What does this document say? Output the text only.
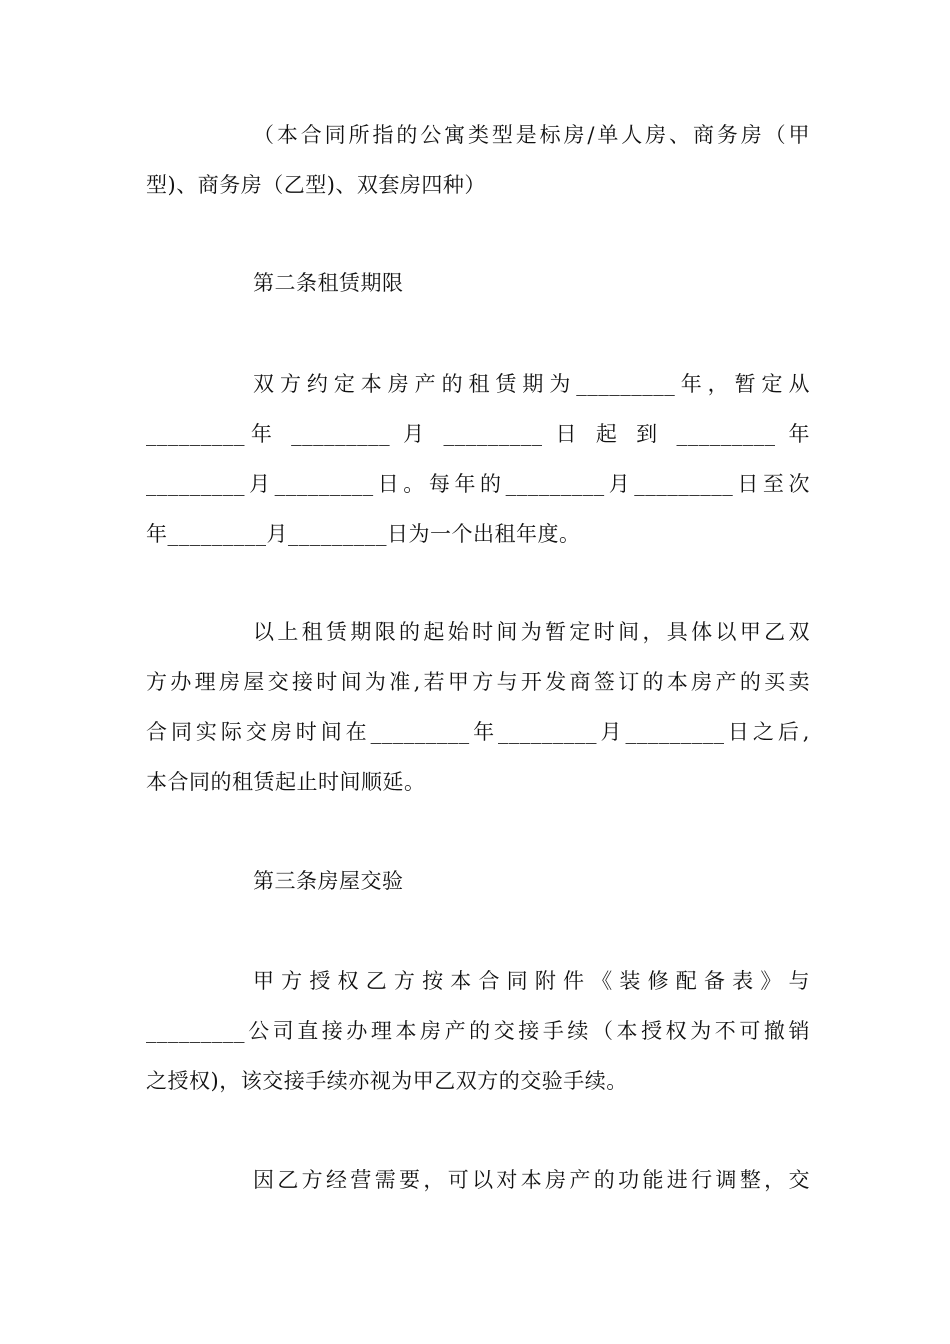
（本合同所指的公寓类型是标房/单人房、商务房（甲
型)、商务房（乙型)、双套房四种）
第二条租赁期限
双方约定本房产的租赁期为_________年，暂定从
_________年 _________ 月 _________ 日 起 到 _________ 年
_________月_________日。每年的_________月_________日至次
年_________月_________日为一个出租年度。
以上租赁期限的起始时间为暂定时间，具体以甲乙双
方办理房屋交接时间为准,若甲方与开发商签订的本房产的买卖
合同实际交房时间在_________年_________月_________日之后,
本合同的租赁起止时间顺延。
第三条房屋交验
甲方授权乙方按本合同附件《装修配备表》与
_________公司直接办理本房产的交接手续（本授权为不可撤销
之授权)，该交接手续亦视为甲乙双方的交验手续。
因乙方经营需要，可以对本房产的功能进行调整，交
